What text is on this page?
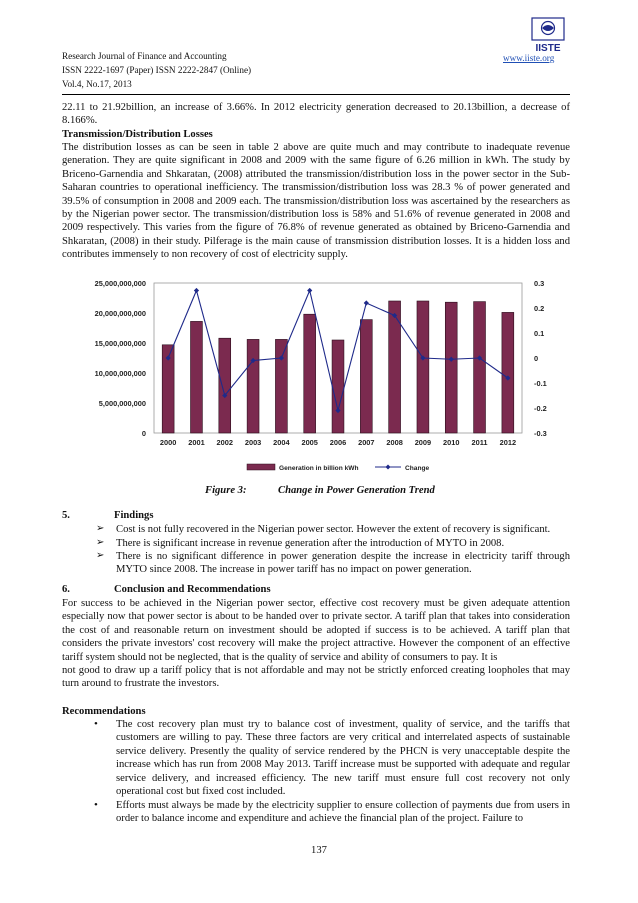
Research Journal of Finance and Accounting
ISSN 2222-1697 (Paper) ISSN 2222-2847 (Online)
Vol.4, No.17, 2013
www.iiste.org
IISTE
22.11 to 21.92billion, an increase of 3.66%. In 2012 electricity generation decreased to 20.13billion, a decrease of 8.166%.
Transmission/Distribution Losses
The distribution losses as can be seen in table 2 above are quite much and may contribute to inadequate revenue generation. They are quite significant in 2008 and 2009 with the same figure of 6.26 million in kWh. The study by Briceno-Garnendia and Shkaratan, (2008) attributed the transmission/distribution loss in the power sector in the Sub-Saharan countries to operational inefficiency. The transmission/distribution loss was 28.3 % of power generated and 39.5% of consumption in 2008 and 2009 each. The transmission/distribution loss was ascertained by the researchers as by the Nigerian power sector. The transmission/distribution loss is 58% and 51.6% of revenue generated in 2008 and 2009 respectively. This varies from the figure of 76.8% of revenue generated as obtained by Briceno-Garnendia and Shkaratan, (2008) in their study. Pilferage is the main cause of transmission distribution losses. It is a hidden loss and contributes immensely to non recovery of cost of electricity supply.
0
5,000,000,000
10,000,000,000
15,000,000,000
20,000,000,000
25,000,000,000
-0.3
-0.2
-0.1
0
0.1
0.2
0.3
2000 2001 2002 2003 2004 2005 2006 2007 2008 2009 2010 2011 2012
Generation in billion kWh	Change
Figure 3:	Change in Power Generation Trend
5.	Findings
➢ Cost is not fully recovered in the Nigerian power sector. However the extent of recovery is significant.
➢ There is significant increase in revenue generation after the introduction of MYTO in 2008.
➢ There is no significant difference in power generation despite the increase in electricity tariff through MYTO since 2008. The increase in power tariff has no impact on power generation.
6.	Conclusion and Recommendations
For success to be achieved in the Nigerian power sector, effective cost recovery must be given adequate attention especially now that power sector is about to be handed over to private sector. A tariff plan that takes into consideration the cost of and reasonable return on investment should be adopted if success is to be achieved. A tariff plan that considers the private investors' cost recovery will make the project attractive. However the component of an effective tariff system should not be neglected, that is the quality of service and ability of consumers to pay. It is
not good to draw up a tariff policy that is not affordable and may not be strictly enforced creating loopholes that may turn around to frustrate the investors.
Recommendations
• The cost recovery plan must try to balance cost of investment, quality of service, and the tariffs that customers are willing to pay. These three factors are very critical and interrelated aspects of sustainable service delivery. Presently the quality of service rendered by the PHCN is very unacceptable despite the increase which has run from 2008 May 2013. Tariff increase must be supported with adequate and regular service delivery, and increased efficiency. The new tariff must ensure full cost recovery not only operational cost but fixed cost included.
• Efforts must always be made by the electricity supplier to ensure collection of payments due from users in order to balance income and expenditure and achieve the financial plan of the project. Failure to
137
